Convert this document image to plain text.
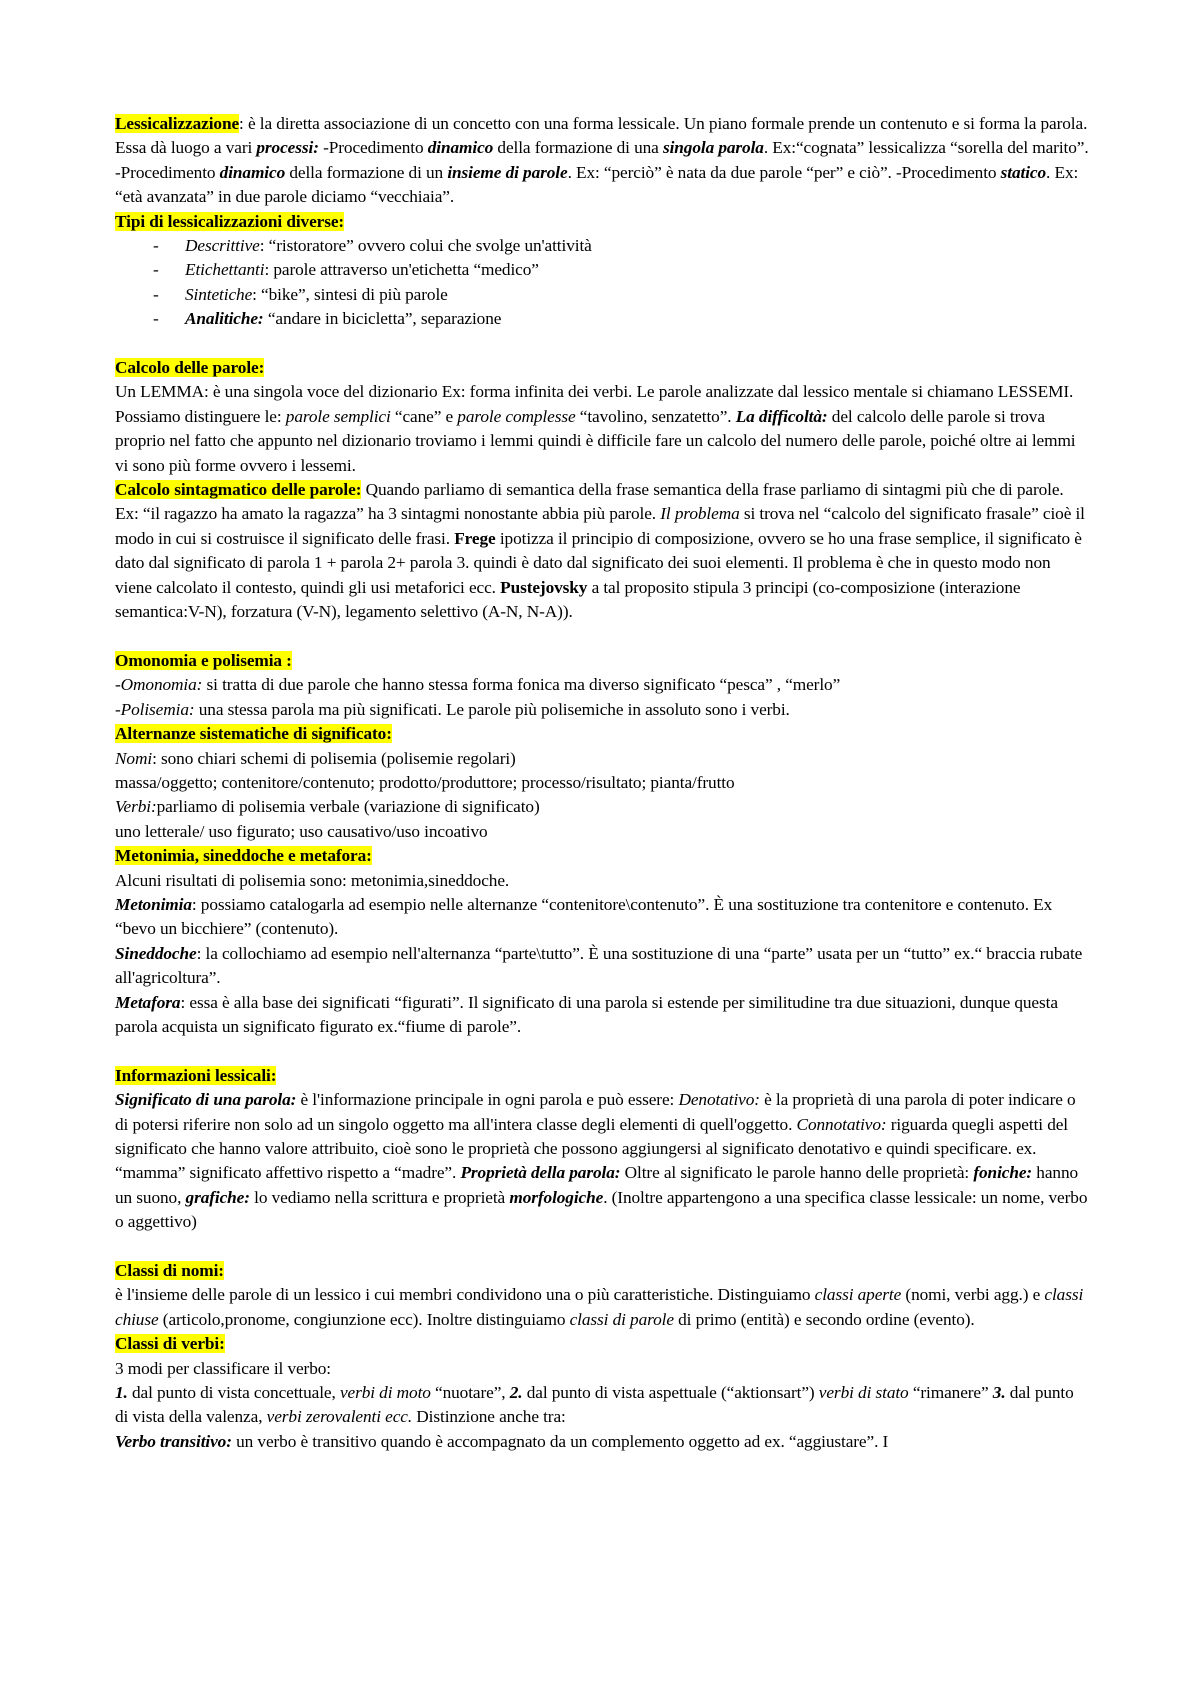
Lessicalizzazione: è la diretta associazione di un concetto con una forma lessicale. Un piano formale prende un contenuto e si forma la parola. Essa dà luogo a vari processi: -Procedimento dinamico della formazione di una singola parola. Ex:“cognata” lessicalizza “sorella del marito”. -Procedimento dinamico della formazione di un insieme di parole. Ex: “perciò” è nata da due parole “per” e ciò”. -Procedimento statico. Ex: “età avanzata” in due parole diciamo “vecchiaia”.

Tipi di lessicalizzazioni diverse:

- Descrittive: “ristoratore” ovvero colui che svolge un'attività
- Etichettanti: parole attraverso un'etichetta “medico”
- Sintetiche: “bike”, sintesi di più parole
- Analitiche: “andare in bicicletta”, separazione

Calcolo delle parole:

Un LEMMA: è una singola voce del dizionario Ex: forma infinita dei verbi. Le parole analizzate dal lessico mentale si chiamano LESSEMI. Possiamo distinguere le: parole semplici “cane” e parole complesse “tavolino, senzatetto”. La difficoltà: del calcolo delle parole si trova proprio nel fatto che appunto nel dizionario troviamo i lemmi quindi è difficile fare un calcolo del numero delle parole, poiché oltre ai lemmi vi sono più forme ovvero i lessemi.

Calcolo sintagmatico delle parole: Quando parliamo di semantica della frase semantica della frase parliamo di sintagmi più che di parole. Ex: “il ragazzo ha amato la ragazza” ha 3 sintagmi nonostante abbia più parole. Il problema si trova nel “calcolo del significato frasale” cioè il modo in cui si costruisce il significato delle frasi. Frege ipotizza il principio di composizione, ovvero se ho una frase semplice, il significato è dato dal significato di parola 1 + parola 2+ parola 3. quindi è dato dal significato dei suoi elementi. Il problema è che in questo modo non viene calcolato il contesto, quindi gli usi metaforici ecc. Pustejovsky a tal proposito stipula 3 principi (co-composizione (interazione semantica:V-N), forzatura (V-N), legamento selettivo (A-N, N-A)).

Omonomia e polisemia :

-Omonomia: si tratta di due parole che hanno stessa forma fonica ma diverso significato “pesca” , “merlo”

-Polisemia: una stessa parola ma più significati. Le parole più polisemiche in assoluto sono i verbi.

Alternanze sistematiche di significato:

Nomi: sono chiari schemi di polisemia (polisemie regolari)

massa/oggetto; contenitore/contenuto; prodotto/produttore; processo/risultato; pianta/frutto

Verbi:parliamo di polisemia verbale (variazione di significato)

uno letterale/ uso figurato; uso causativo/uso incoativo

Metonimia, sineddoche e metafora:

Alcuni risultati di polisemia sono: metonimia,sineddoche.

Metonimia: possiamo catalogarla ad esempio nelle alternanze “contenitore\contenuto”. È una sostituzione tra contenitore e contenuto. Ex “bevo un bicchiere” (contenuto).

Sineddoche: la collochiamo ad esempio nell'alternanza “parte\tutto”. È una sostituzione di una “parte” usata per un “tutto” ex.“ braccia rubate all'agricoltura”.

Metafora: essa è alla base dei significati “figurati”. Il significato di una parola si estende per similitudine tra due situazioni, dunque questa parola acquista un significato figurato ex.“fiume di parole”.

Informazioni lessicali:

Significato di una parola: è l'informazione principale in ogni parola e può essere: Denotativo: è la proprietà di una parola di poter indicare o di potersi riferire non solo ad un singolo oggetto ma all'intera classe degli elementi di quell'oggetto. Connotativo: riguarda quegli aspetti del significato che hanno valore attribuito, cioè sono le proprietà che possono aggiungersi al significato denotativo e quindi specificare. ex. “mamma” significato affettivo rispetto a “madre”. Proprietà della parola: Oltre al significato le parole hanno delle proprietà: foniche: hanno un suono, grafiche: lo vediamo nella scrittura e proprietà morfologiche. (Inoltre appartengono a una specifica classe lessicale: un nome, verbo o aggettivo)

Classi di nomi:

è l'insieme delle parole di un lessico i cui membri condividono una o più caratteristiche. Distinguiamo classi aperte (nomi, verbi agg.) e classi chiuse (articolo,pronome, congiunzione ecc). Inoltre distinguiamo classi di parole di primo (entità) e secondo ordine (evento).

Classi di verbi:

3 modi per classificare il verbo:

1. dal punto di vista concettuale, verbi di moto “nuotare”, 2. dal punto di vista aspettuale (“aktionsart”) verbi di stato “rimanere” 3. dal punto di vista della valenza, verbi zerovalenti ecc. Distinzione anche tra:

Verbo transitivo: un verbo è transitivo quando è accompagnato da un complemento oggetto ad ex. “aggiustare”. I
